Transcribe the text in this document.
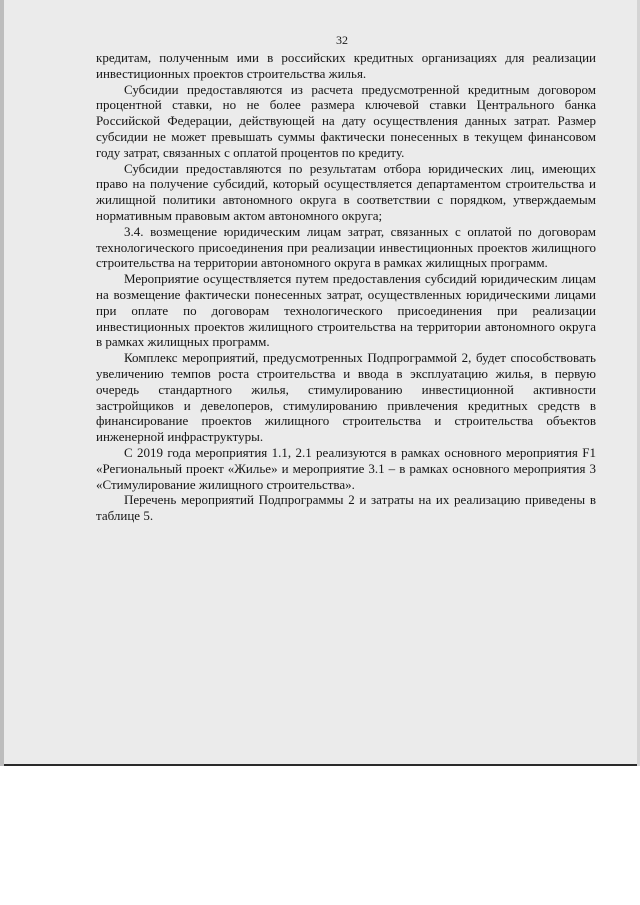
32

кредитам, полученным ими в российских кредитных организациях для реализации инвестиционных проектов строительства жилья.

Субсидии предоставляются из расчета предусмотренной кредитным договором процентной ставки, но не более размера ключевой ставки Центрального банка Российской Федерации, действующей на дату осуществления данных затрат. Размер субсидии не может превышать суммы фактически понесенных в текущем финансовом году затрат, связанных с оплатой процентов по кредиту.

Субсидии предоставляются по результатам отбора юридических лиц, имеющих право на получение субсидий, который осуществляется департаментом строительства и жилищной политики автономного округа в соответствии с порядком, утверждаемым нормативным правовым актом автономного округа;

3.4. возмещение юридическим лицам затрат, связанных с оплатой по договорам технологического присоединения при реализации инвестиционных проектов жилищного строительства на территории автономного округа в рамках жилищных программ.

Мероприятие осуществляется путем предоставления субсидий юридическим лицам на возмещение фактически понесенных затрат, осуществленных юридическими лицами при оплате по договорам технологического присоединения при реализации инвестиционных проектов жилищного строительства на территории автономного округа в рамках жилищных программ.

Комплекс мероприятий, предусмотренных Подпрограммой 2, будет способствовать увеличению темпов роста строительства и ввода в эксплуатацию жилья, в первую очередь стандартного жилья, стимулированию инвестиционной активности застройщиков и девелоперов, стимулированию привлечения кредитных средств в финансирование проектов жилищного строительства и строительства объектов инженерной инфраструктуры.

С 2019 года мероприятия 1.1, 2.1 реализуются в рамках основного мероприятия F1 «Региональный проект «Жилье» и мероприятие 3.1 – в рамках основного мероприятия 3 «Стимулирование жилищного строительства».

Перечень мероприятий Подпрограммы 2 и затраты на их реализацию приведены в таблице 5.
